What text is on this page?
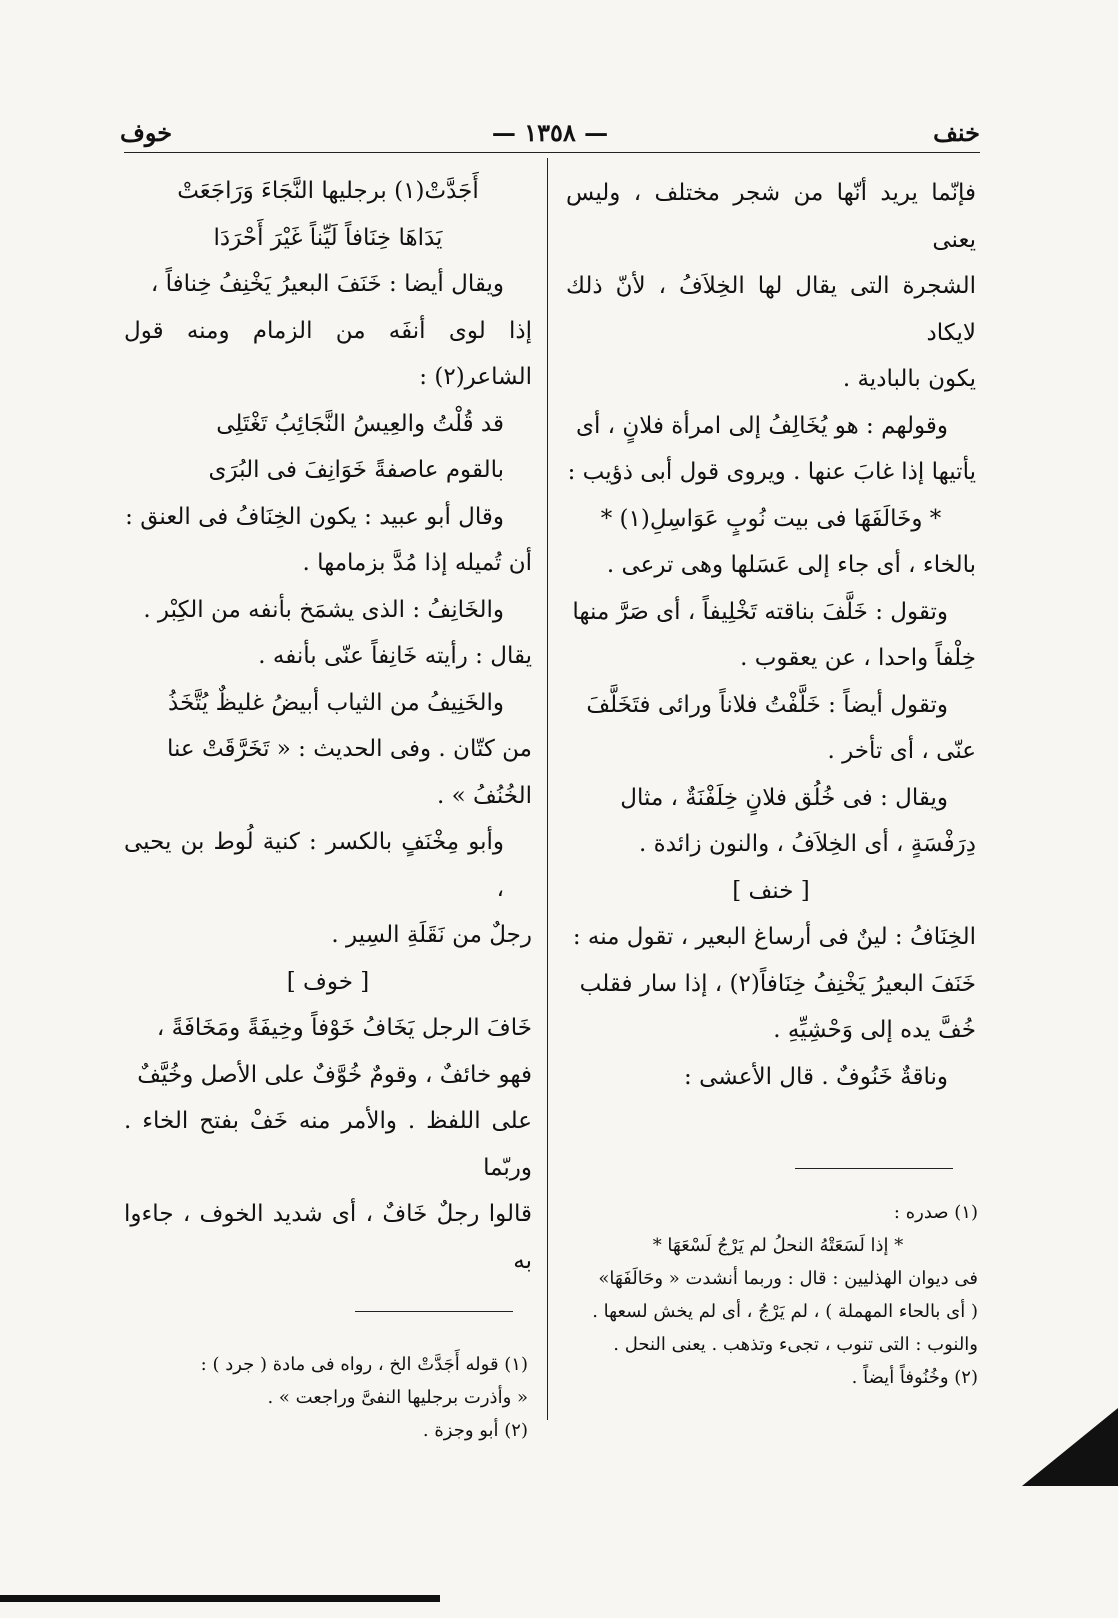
خنف
— ١٣٥٨ —
خوف

فإنّما يريد أنّها من شجر مختلف ، وليس يعنى

الشجرة التى يقال لها الخِلاَفُ ، لأنّ ذلك لايكاد

يكون بالبادية .

وقولهم : هو يُخَالِفُ إلى امرأة فلانٍ ، أى

يأتيها إذا غابَ عنها . ويروى قول أبى ذؤيب :

* وخَالَفَهَا فى بيت نُوبٍ عَوَاسِلِ(١) *

بالخاء ، أى جاء إلى عَسَلها وهى ترعى .

وتقول : خَلَّفَ بناقته تَخْلِيفاً ، أى صَرَّ منها

خِلْفاً واحدا ، عن يعقوب .

وتقول أيضاً : خَلَّفْتُ فلاناً ورائى فتَخَلَّفَ

عنّى ، أى تأخر .

ويقال : فى خُلُق فلانٍ خِلَفْنَةٌ ، مثال

دِرَفْسَةٍ ، أى الخِلاَفُ ، والنون زائدة .

[ خنف ]

الخِنَافُ : لينٌ فى أرساغ البعير ، تقول منه :

خَنَفَ البعيرُ يَخْنِفُ خِنَافاً(٢) ، إذا سار فقلب

خُفَّ يده إلى وَحْشِيِّهِ .

وناقةٌ خَنُوفٌ . قال الأعشى :

أَجَدَّتْ(١) برجليها النَّجَاءَ وَرَاجَعَتْ

يَدَاهَا خِنَافاً لَيِّناً غَيْرَ أَحْرَدَا

ويقال أيضا : خَنَفَ البعيرُ يَخْنِفُ خِنافاً ،

إذا لوى أنفَه من الزمام ومنه قول الشاعر(٢) :

قد قُلْتُ والعِيسُ النَّجَائِبُ تَغْتَلِى

بالقوم عاصفةً خَوَانِفَ فى البُرَى

وقال أبو عبيد : يكون الخِنَافُ فى العنق :

أن تُميله إذا مُدَّ بزمامها .

والخَانِفُ : الذى يشمَخ بأنفه من الكِبْر .

يقال : رأيته خَانِفاً عنّى بأنفه .

والخَنِيفُ من الثياب أبيضُ غليظٌ يُتَّخَذُ

من كتّان . وفى الحديث : « تَخَرَّقَتْ عنا

الخُنُفُ » .

وأبو مِخْنَفٍ بالكسر : كنية لُوط بن يحيى ،

رجلٌ من نَقَلَةِ السِير .

[ خوف ]

خَافَ الرجل يَخَافُ خَوْفاً وخِيفَةً ومَخَافَةً ،

فهو خائفٌ ، وقومٌ خُوَّفٌ على الأصل وخُيَّفٌ

على اللفظ . والأمر منه خَفْ بفتح الخاء . وربّما

قالوا رجلٌ خَافٌ ، أى شديد الخوف ، جاءوا به

(١) صدره :

* إذا لَسَعَتْهُ النحلُ لم يَرْجُ لَسْعَهَا *

فى ديوان الهذليين : قال : وربما أنشدت « وحَالَفَهَا»

( أى بالحاء المهملة ) ، لم يَرْجُ ، أى لم يخش لسعها .

والنوب : التى تنوب ، تجىء وتذهب . يعنى النحل .

(٢) وخُنُوفاً أيضاً .

(١) قوله أَجَدَّتْ الخ ، رواه فى مادة ( جرد ) :

« وأذرت برجليها النفىَّ وراجعت » .

(٢) أبو وجزة .
